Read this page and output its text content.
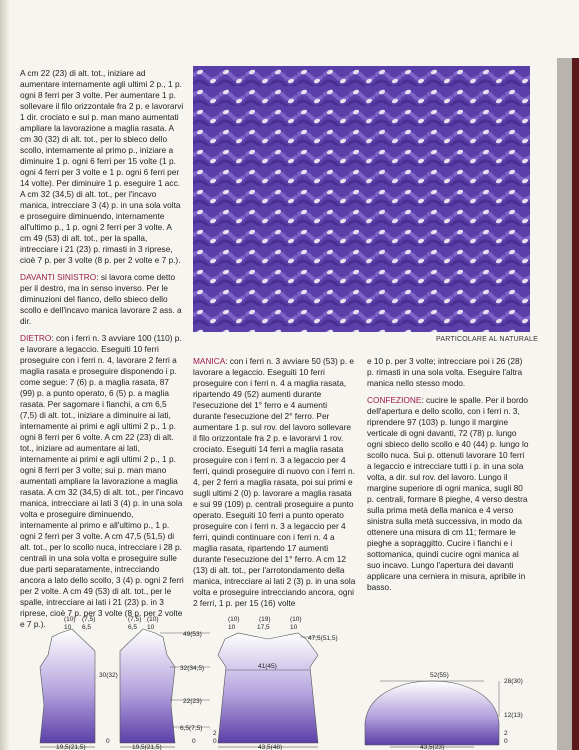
A cm 22 (23) di alt. tot., iniziare ad aumentare internamente agli ultimi 2 p., 1 p. ogni 8 ferri per 3 volte. Per aumentare 1 p. sollevare il filo orizzontale fra 2 p. e lavorarvi 1 dir. crociato e sui p. man mano aumentati ampliare la lavorazione a maglia rasata. A cm 30 (32) di alt. tot., per lo sbieco dello scollo, internamente al primo p., iniziare a diminuire 1 p. ogni 6 ferri per 15 volte (1 p. ogni 4 ferri per 3 volte e 1 p. ogni 6 ferri per 14 volte). Per diminuire 1 p. eseguire 1 acc. A cm 32 (34,5) di alt. tot., per l'incavo manica, intrecciare 3 (4) p. in una sola volta e proseguire diminuendo, internamente all'ultimo p., 1 p. ogni 2 ferri per 3 volte. A cm 49 (53) di alt. tot., per la spalla, intrecciare i 21 (23) p. rimasti in 3 riprese, cioè 7 p. per 3 volte (8 p. per 2 volte e 7 p.).

DAVANTI SINISTRO: si lavora come detto per il destro, ma in senso inverso. Per le diminuzioni del fianco, dello sbieco dello scollo e dell'incavo manica lavorare 2 ass. a dir.

DIETRO: con i ferri n. 3 avviare 100 (110) p. e lavorare a legaccio. Eseguiti 10 ferri proseguire con i ferri n. 4, lavorare 2 ferri a maglia rasata e proseguire disponendo i p. come segue: 7 (6) p. a maglia rasata, 87 (99) p. a punto operato, 6 (5) p. a maglia rasata. Per sagomare i fianchi, a cm 6,5 (7,5) di alt. tot., iniziare a diminuire ai lati, internamente ai primi e agli ultimi 2 p., 1 p. ogni 8 ferri per 6 volte. A cm 22 (23) di alt. tot., iniziare ad aumentare ai lati, internamente ai primi e agli ultimi 2 p., 1 p. ogni 8 ferri per 3 volte; sui p. man mano aumentati ampliare la lavorazione a maglia rasata. A cm 32 (34,5) di alt. tot., per l'incavo manica, intrecciare ai lati 3 (4) p. in una sola volta e proseguire diminuendo, internamente al primo e all'ultimo p., 1 p. ogni 2 ferri per 3 volte. A cm 47,5 (51,5) di alt. tot., per lo scollo nuca, intrecciare i 28 p. centrali in una sola volta e proseguire sulle due parti separatamente, intrecciando ancora a lato dello scollo, 3 (4) p. ogni 2 ferri per 2 volte. A cm 49 (53) di alt. tot., per le spalle, intrecciare ai lati i 21 (23) p. in 3 riprese, cioè 7 p. per 3 volte (8 p. per 2 volte e 7 p.).

PARTICOLARE AL NATURALE

MANICA: con i ferri n. 3 avviare 50 (53) p. e lavorare a legaccio. Eseguiti 10 ferri proseguire con i ferri n. 4 a maglia rasata, ripartendo 49 (52) aumenti durante l'esecuzione del 1° ferro e 4 aumenti durante l'esecuzione del 2° ferro. Per aumentare 1 p. sul rov. del lavoro sollevare il filo orizzontale fra 2 p. e lavorarvi 1 rov. crociato. Eseguiti 14 ferri a maglia rasata proseguire con i ferri n. 3 a legaccio per 4 ferri, quindi proseguire di nuovo con i ferri n. 4, per 2 ferri a maglia rasata, poi sui primi e sugli ultimi 2 (0) p. lavorare a maglia rasata e sui 99 (109) p. centrali proseguire a punto operato. Eseguiti 10 ferri a punto operato proseguire con i ferri n. 3 a legaccio per 4 ferri, quindi continuare con i ferri n. 4 a maglia rasata, ripartendo 17 aumenti durante l'esecuzione del 1° ferro. A cm 12 (13) di alt. tot., per l'arrotondamento della manica, intrecciare ai lati 2 (3) p. in una sola volta e proseguire intrecciando ancora, ogni 2 ferri, 1 p. per 15 (16) volte

e 10 p. per 3 volte; intrecciare poi i 26 (28) p. rimasti in una sola volta. Eseguire l'altra manica nello stesso modo.

CONFEZIONE: cucire le spalle. Per il bordo dell'apertura e dello scollo, con i ferri n. 3, riprendere 97 (103) p. lungo il margine verticale di ogni davanti, 72 (78) p. lungo ogni sbieco dello scollo e 40 (44) p. lungo lo scollo nuca. Sui p. ottenuti lavorare 10 ferri a legaccio e intrecciare tutti i p. in una sola volta, a dir. sul rov. del lavoro. Lungo il margine superiore di ogni manica, sugli 80 p. centrali, formare 8 pieghe, 4 verso destra sulla prima metà della manica e 4 verso sinistra sulla metà successiva, in modo da ottenere una misura di cm 11; fermare le pieghe a sopraggitto. Cucire i fianchi e i sottomanica, quindi cucire ogni manica al suo incavo. Lungo l'apertura dei davanti applicare una cerniera in misura, apribile in basso.

(10) (7,5)
10 6,5
30(32)
19,5(21,5)
0
(7,5) (10)
6,5 10
49(53)
32(34,5)
22(23)
6,5(7,5)
19,5(21,5)
0
(10)
10
(19)
17,5
(10)
10
47,5(51,5)
41(45)
2
0
43,5(48)
52(55)
28(30)
12(13)
2
0
43,5(23)
